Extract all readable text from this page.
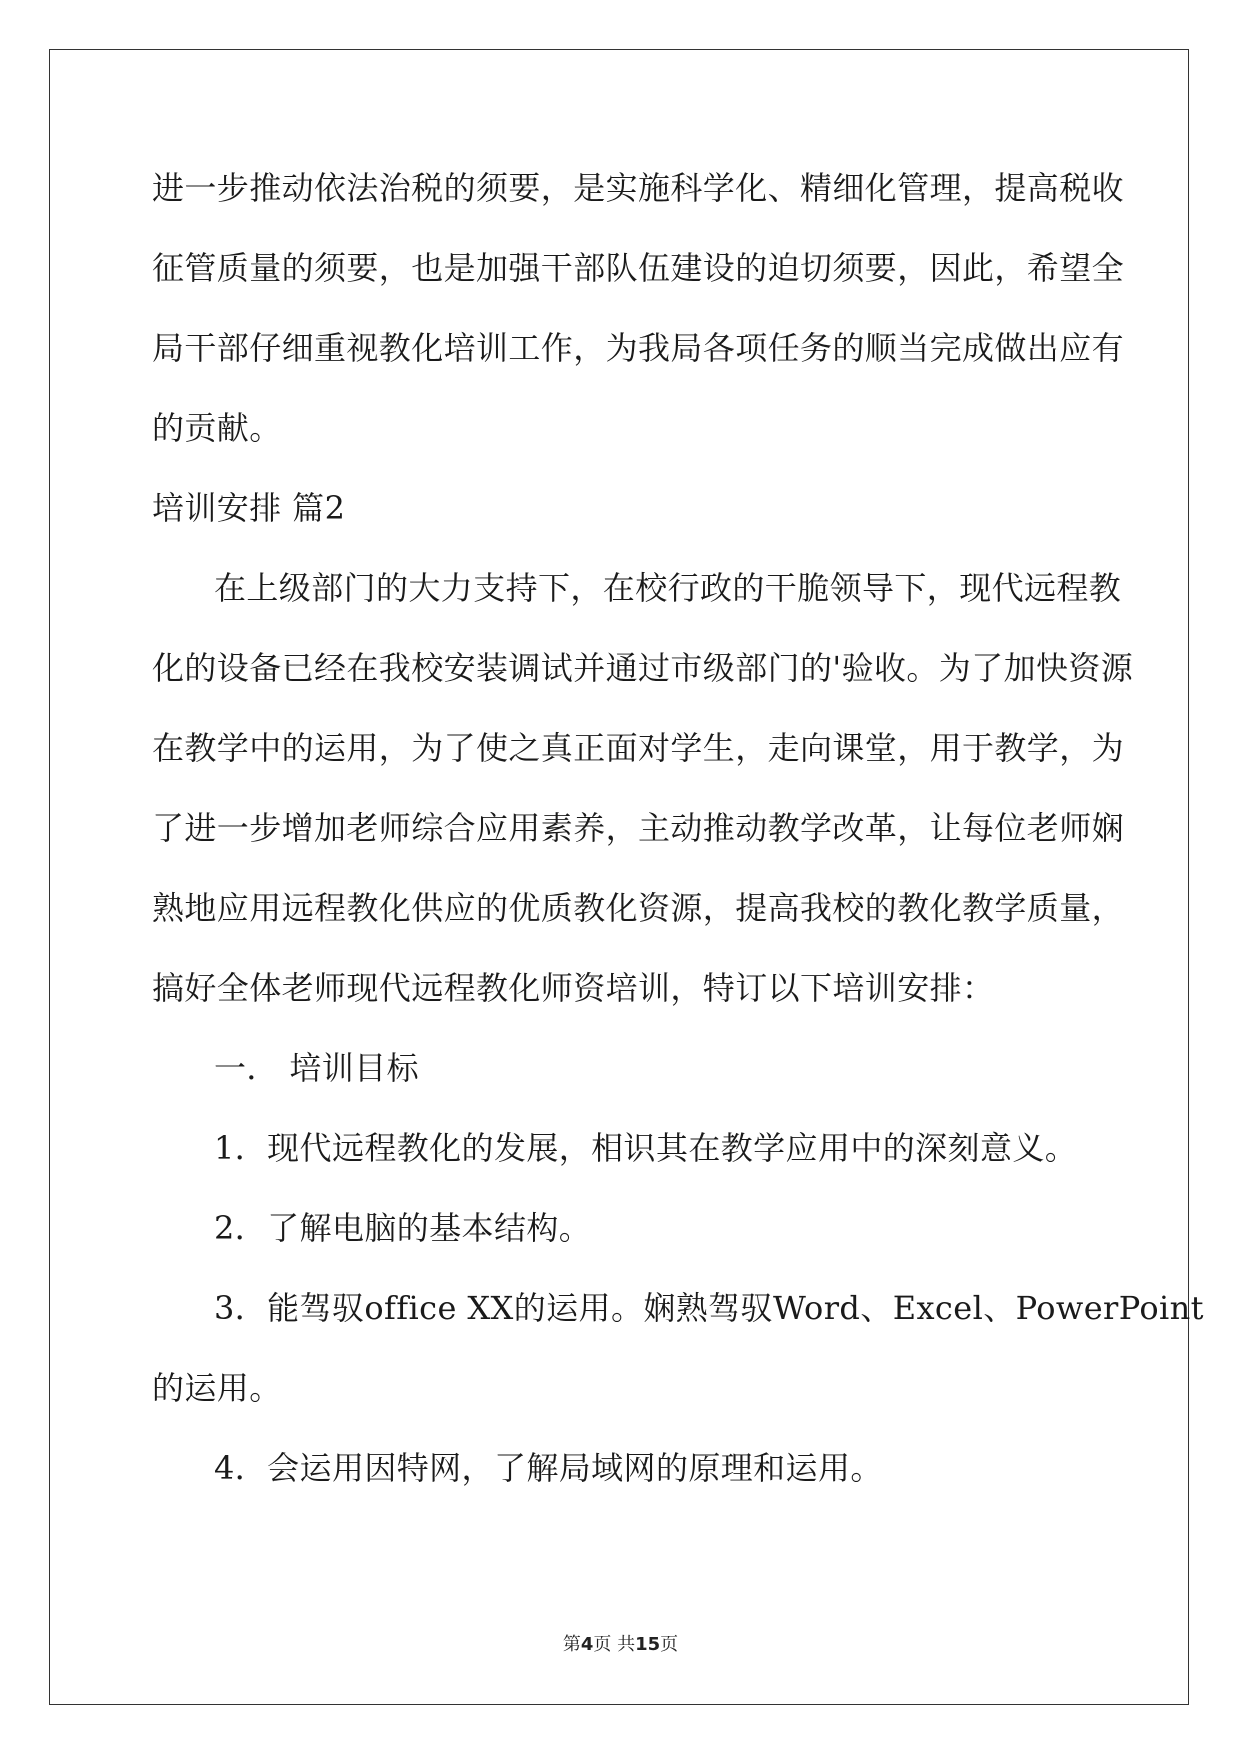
进一步推动依法治税的须要，是实施科学化、精细化管理，提高税收
征管质量的须要，也是加强干部队伍建设的迫切须要，因此，希望全
局干部仔细重视教化培训工作，为我局各项任务的顺当完成做出应有
的贡献。
培训安排 篇2
在上级部门的大力支持下，在校行政的干脆领导下，现代远程教
化的设备已经在我校安装调试并通过市级部门的'验收。为了加快资源
在教学中的运用，为了使之真正面对学生，走向课堂，用于教学，为
了进一步增加老师综合应用素养，主动推动教学改革，让每位老师娴
熟地应用远程教化供应的优质教化资源，提高我校的教化教学质量，
搞好全体老师现代远程教化师资培训，特订以下培训安排：
一． 培训目标
1．现代远程教化的发展，相识其在教学应用中的深刻意义。
2．了解电脑的基本结构。
3．能驾驭office XX的运用。娴熟驾驭Word、Excel、PowerPoint
的运用。
4．会运用因特网，了解局域网的原理和运用。
第4页 共15页
